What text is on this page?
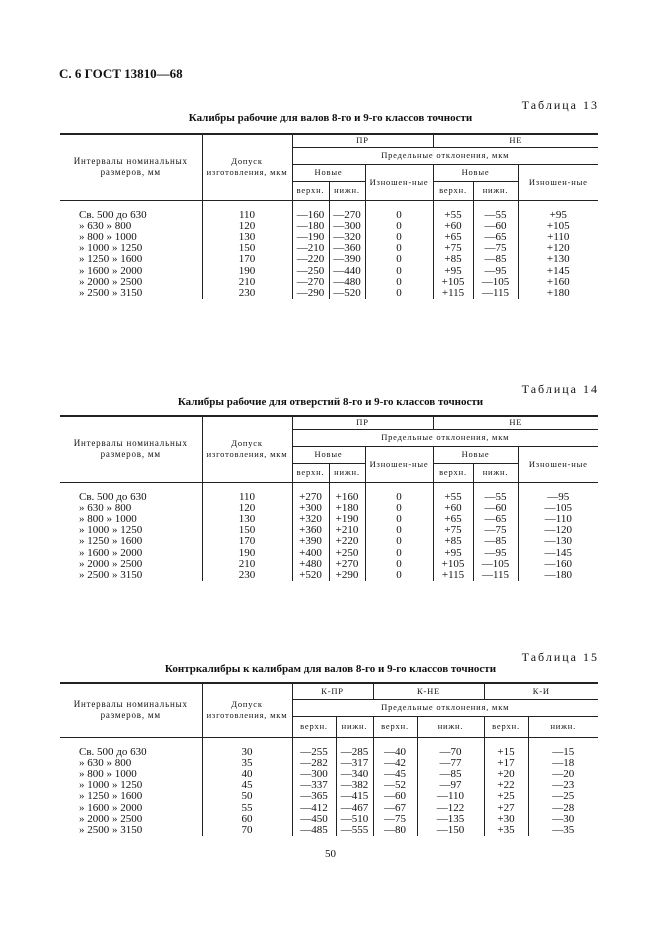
С. 6 ГОСТ 13810—68
Таблица 13
Калибры рабочие для валов 8-го и 9-го классов точности
Интервалы номинальных размеров, мм	Допуск изготовления, мкм	ПР			НЕ		
		Предельные отклонения, мкм					
		Новые		Изношен-ные	Новые		Изношен-ные
		верхн.	нижн.		верхн.	нижн.	
Св. 500 до 630	110	—160	—270	0	+55	—55	+95
» 630 » 800	120	—180	—300	0	+60	—60	+105
» 800 » 1000	130	—190	—320	0	+65	—65	+110
» 1000 » 1250	150	—210	—360	0	+75	—75	+120
» 1250 » 1600	170	—220	—390	0	+85	—85	+130
» 1600 » 2000	190	—250	—440	0	+95	—95	+145
» 2000 » 2500	210	—270	—480	0	+105	—105	+160
» 2500 » 3150	230	—290	—520	0	+115	—115	+180
Таблица 14
Калибры рабочие для отверстий 8-го и 9-го классов точности
Интервалы номинальных размеров, мм	Допуск изготовления, мкм	ПР			НЕ		
		Предельные отклонения, мкм					
		Новые		Изношен-ные	Новые		Изношен-ные
		верхн.	нижн.		верхн.	нижн.	
Св. 500 до 630	110	+270	+160	0	+55	—55	—95
» 630 » 800	120	+300	+180	0	+60	—60	—105
» 800 » 1000	130	+320	+190	0	+65	—65	—110
» 1000 » 1250	150	+360	+210	0	+75	—75	—120
» 1250 » 1600	170	+390	+220	0	+85	—85	—130
» 1600 » 2000	190	+400	+250	0	+95	—95	—145
» 2000 » 2500	210	+480	+270	0	+105	—105	—160
» 2500 » 3150	230	+520	+290	0	+115	—115	—180
Таблица 15
Контркалибры к калибрам для валов 8-го и 9-го классов точности
Интервалы номинальных размеров, мм	Допуск изготовления, мкм	К-ПР		К-НЕ		К-И	
		Предельные отклонения, мкм					
		верхн.	нижн.	верхн.	нижн.	верхн.	нижн.
Св. 500 до 630	30	—255	—285	—40	—70	+15	—15
» 630 » 800	35	—282	—317	—42	—77	+17	—18
» 800 » 1000	40	—300	—340	—45	—85	+20	—20
» 1000 » 1250	45	—337	—382	—52	—97	+22	—23
» 1250 » 1600	50	—365	—415	—60	—110	+25	—25
» 1600 » 2000	55	—412	—467	—67	—122	+27	—28
» 2000 » 2500	60	—450	—510	—75	—135	+30	—30
» 2500 » 3150	70	—485	—555	—80	—150	+35	—35
50
